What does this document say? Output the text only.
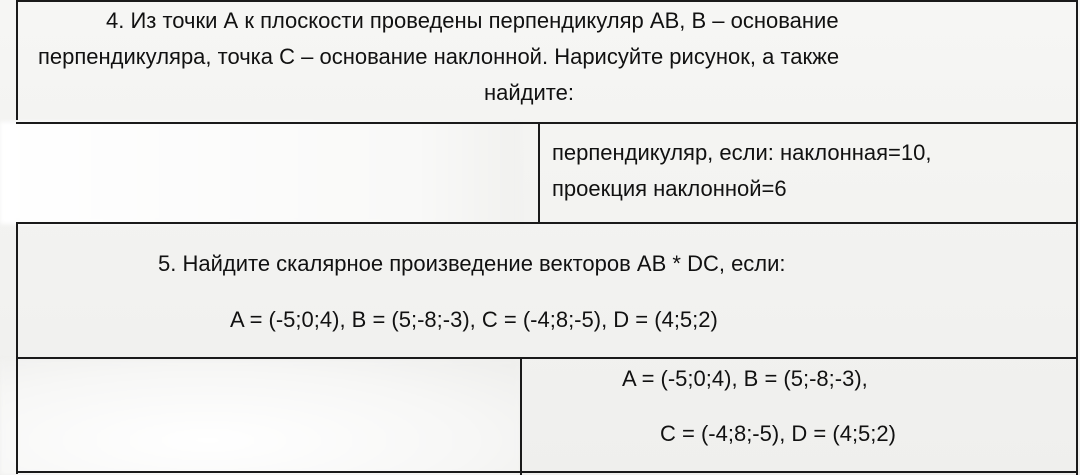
4. Из точки А к плоскости проведены перпендикуляр АВ, В – основание
перпендикуляра, точка С – основание наклонной. Нарисуйте рисунок, а также
найдите:
перпендикуляр, если: наклонная=10,
проекция наклонной=6
5. Найдите скалярное произведение векторов AB * DC, если:
A = (-5;0;4), B = (5;-8;-3), C = (-4;8;-5), D = (4;5;2)
A = (-5;0;4), B = (5;-8;-3),
C = (-4;8;-5), D = (4;5;2)
